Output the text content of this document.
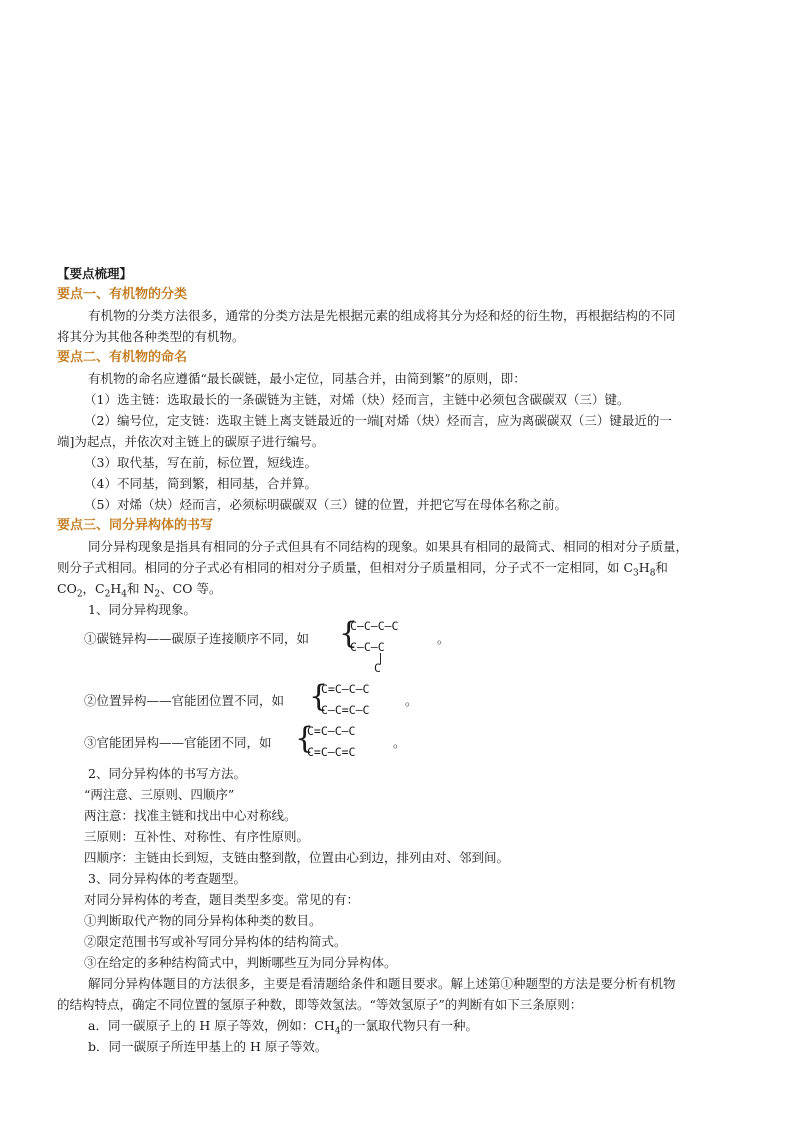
【要点梳理】
要点一、有机物的分类
有机物的分类方法很多，通常的分类方法是先根据元素的组成将其分为烃和烃的衍生物，再根据结构的不同
将其分为其他各种类型的有机物。
要点二、有机物的命名
有机物的命名应遵循“最长碳链，最小定位，同基合并，由简到繁”的原则，即：
（1）选主链：选取最长的一条碳链为主链，对烯（炔）烃而言，主链中必须包含碳碳双（三）键。
（2）编号位，定支链：选取主链上离支链最近的一端[对烯（炔）烃而言，应为离碳碳双（三）键最近的一
端]为起点，并依次对主链上的碳原子进行编号。
（3）取代基，写在前，标位置，短线连。
（4）不同基，简到繁，相同基，合并算。
（5）对烯（炔）烃而言，必须标明碳碳双（三）键的位置，并把它写在母体名称之前。
要点三、同分异构体的书写
同分异构现象是指具有相同的分子式但具有不同结构的现象。如果具有相同的最简式、相同的相对分子质量，
则分子式相同。相同的分子式必有相同的相对分子质量，但相对分子质量相同，分子式不一定相同，如 $C_3H_8$和
$CO_2$，$C_2H_4$和 $N_2$、CO 等。
1、同分异构现象。
①碳链异构——碳原子连接顺序不同，如 {
C—C—C—C
C—C—C
|
C
。
②位置异构——官能团位置不同，如 {
C=C—C—C
C—C=C—C
。
③官能团异构——官能团不同，如 {
C=C—C—C
C=C—C=C
。
2、同分异构体的书写方法。
“两注意、三原则、四顺序”
两注意：找准主链和找出中心对称线。
三原则：互补性、对称性、有序性原则。
四顺序：主链由长到短，支链由整到散，位置由心到边，排列由对、邻到间。
3、同分异构体的考查题型。
对同分异构体的考查，题目类型多变。常见的有：
①判断取代产物的同分异构体种类的数目。
②限定范围书写或补写同分异构体的结构简式。
③在给定的多种结构简式中，判断哪些互为同分异构体。
解同分异构体题目的方法很多，主要是看清题给条件和题目要求。解上述第①种题型的方法是要分析有机物
的结构特点，确定不同位置的氢原子种数，即等效氢法。“等效氢原子”的判断有如下三条原则：
a．同一碳原子上的 H 原子等效，例如：$CH_4$的一氯取代物只有一种。
b．同一碳原子所连甲基上的 H 原子等效。
